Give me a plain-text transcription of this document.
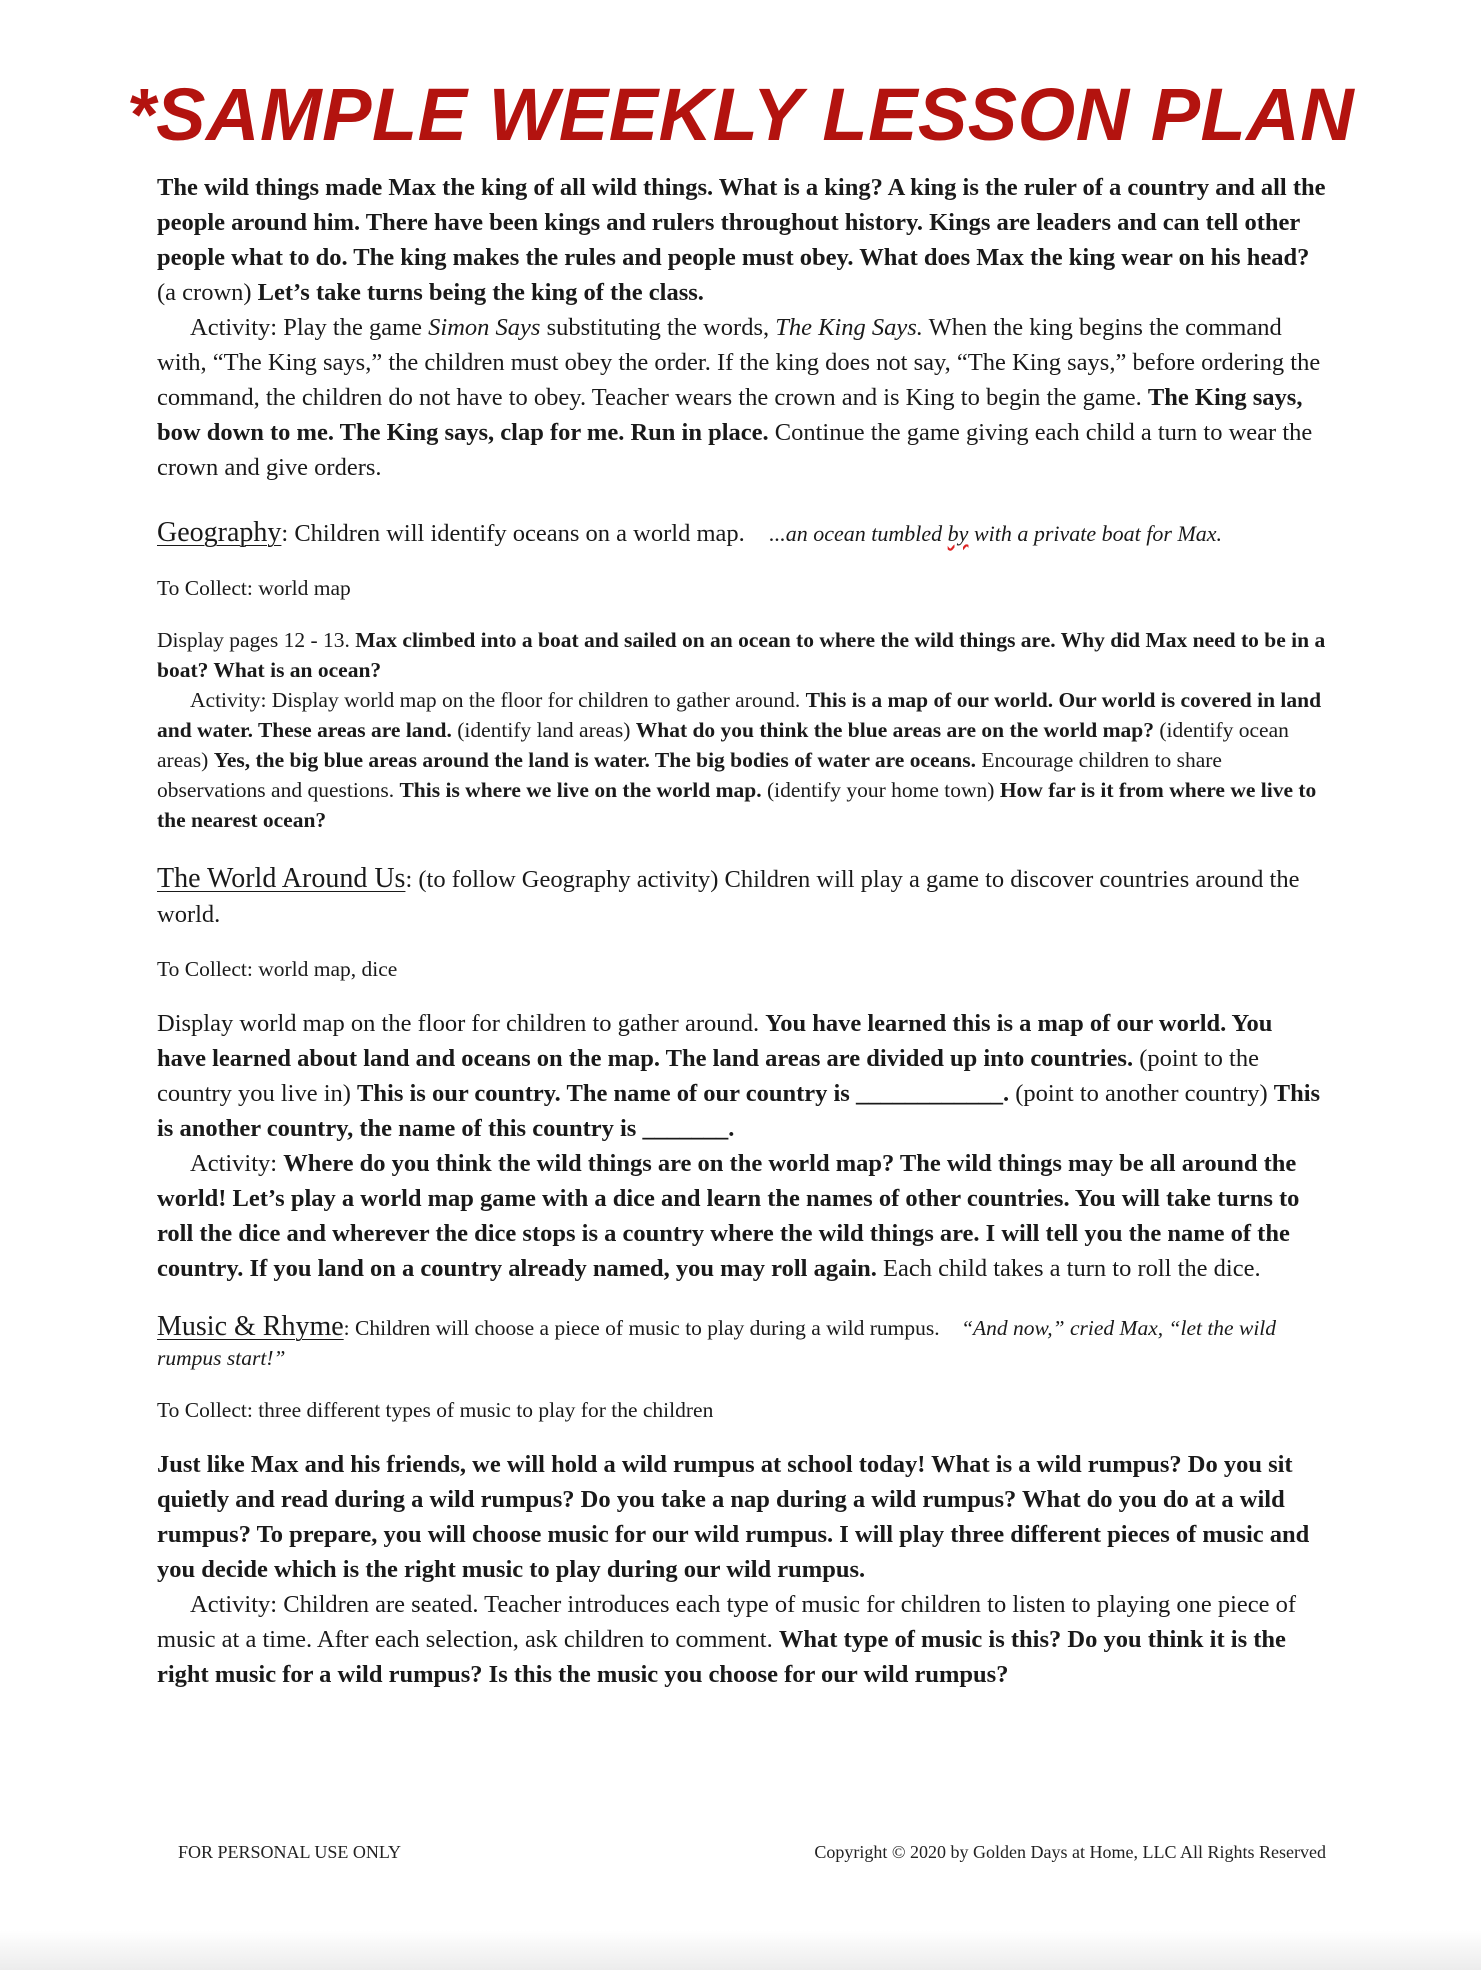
*SAMPLE WEEKLY LESSON PLAN

The wild things made Max the king of all wild things. What is a king? A king is the ruler of a country and all the people around him. There have been kings and rulers throughout history. Kings are leaders and can tell other people what to do. The king makes the rules and people must obey. What does Max the king wear on his head? (a crown) Let’s take turns being the king of the class.

Activity: Play the game Simon Says substituting the words, The King Says. When the king begins the command with, “The King says,” the children must obey the order. If the king does not say, “The King says,” before ordering the command, the children do not have to obey. Teacher wears the crown and is King to begin the game. The King says, bow down to me. The King says, clap for me. Run in place. Continue the game giving each child a turn to wear the crown and give orders.

Geography: Children will identify oceans on a world map. ...an ocean tumbled by with a private boat for Max.

To Collect: world map

Display pages 12 - 13. Max climbed into a boat and sailed on an ocean to where the wild things are. Why did Max need to be in a boat? What is an ocean?

Activity: Display world map on the floor for children to gather around. This is a map of our world. Our world is covered in land and water. These areas are land. (identify land areas) What do you think the blue areas are on the world map? (identify ocean areas) Yes, the big blue areas around the land is water. The big bodies of water are oceans. Encourage children to share observations and questions. This is where we live on the world map. (identify your home town) How far is it from where we live to the nearest ocean?

The World Around Us: (to follow Geography activity) Children will play a game to discover countries around the world.

To Collect: world map, dice

Display world map on the floor for children to gather around. You have learned this is a map of our world. You have learned about land and oceans on the map. The land areas are divided up into countries. (point to the country you live in) This is our country. The name of our country is ____________. (point to another country) This is another country, the name of this country is _______.

Activity: Where do you think the wild things are on the world map? The wild things may be all around the world! Let’s play a world map game with a dice and learn the names of other countries. You will take turns to roll the dice and wherever the dice stops is a country where the wild things are. I will tell you the name of the country. If you land on a country already named, you may roll again. Each child takes a turn to roll the dice.

Music & Rhyme: Children will choose a piece of music to play during a wild rumpus. “And now,” cried Max, “let the wild rumpus start!”

To Collect: three different types of music to play for the children

Just like Max and his friends, we will hold a wild rumpus at school today! What is a wild rumpus? Do you sit quietly and read during a wild rumpus? Do you take a nap during a wild rumpus? What do you do at a wild rumpus? To prepare, you will choose music for our wild rumpus. I will play three different pieces of music and you decide which is the right music to play during our wild rumpus.

Activity: Children are seated. Teacher introduces each type of music for children to listen to playing one piece of music at a time. After each selection, ask children to comment. What type of music is this? Do you think it is the right music for a wild rumpus? Is this the music you choose for our wild rumpus?

FOR PERSONAL USE ONLY	Copyright © 2020 by Golden Days at Home, LLC All Rights Reserved
